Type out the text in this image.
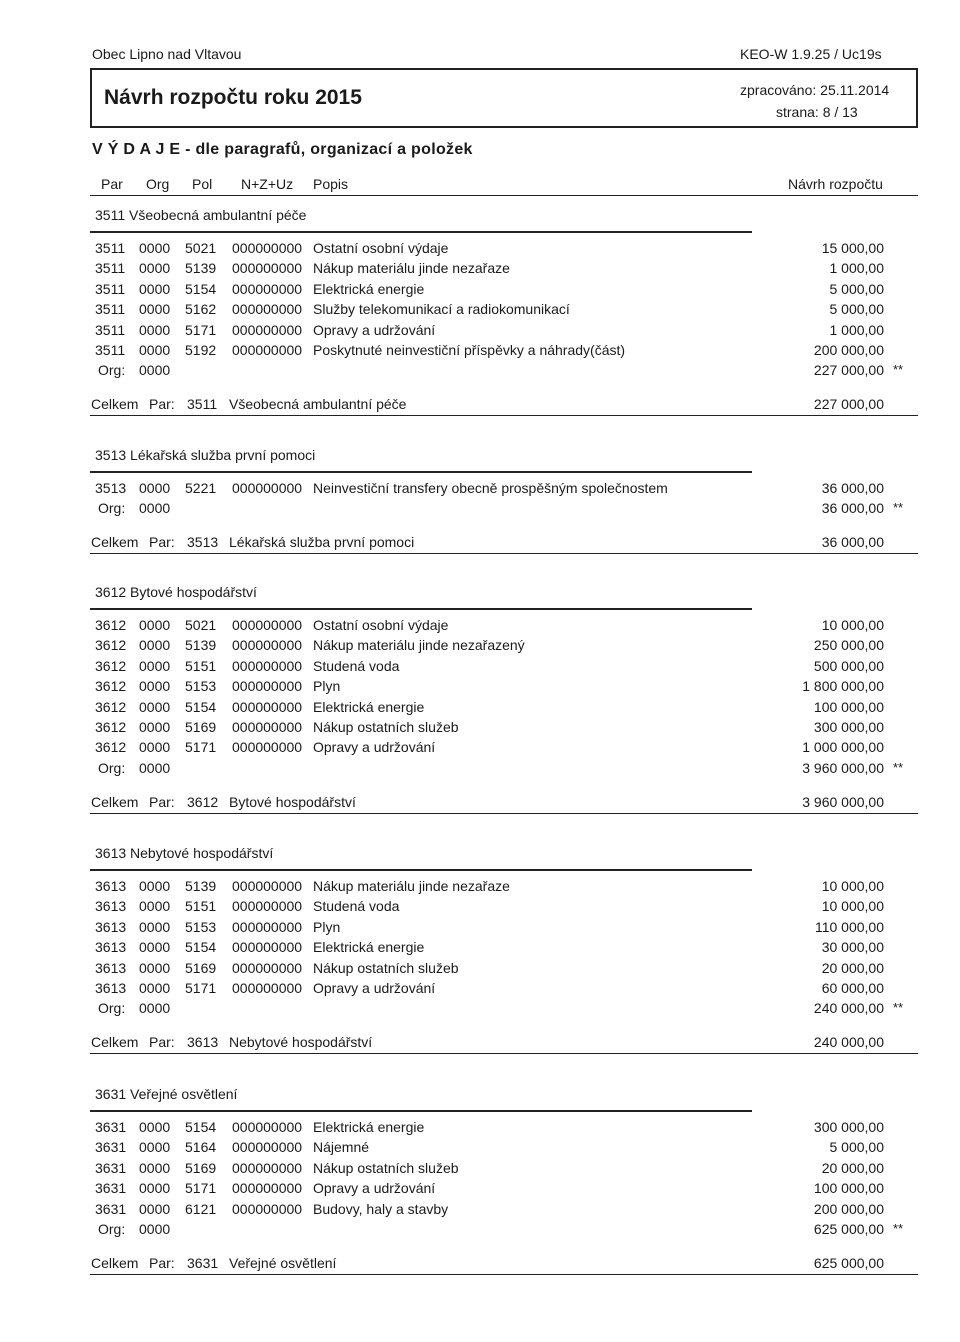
Obec Lipno nad Vltavou	KEO-W 1.9.25 / Uc19s
Návrh rozpočtu roku 2015	zpracováno: 25.11.2014
strana: 8 / 13
V Ý D A J E - dle paragrafů, organizací a položek
Par Org Pol N+Z+Uz Popis	Návrh rozpočtu
3511 Všeobecná ambulantní péče
3511 0000 5021 000000000 Ostatní osobní výdaje	15 000,00
3511 0000 5139 000000000 Nákup materiálu jinde nezařaze	1 000,00
3511 0000 5154 000000000 Elektrická energie	5 000,00
3511 0000 5162 000000000 Služby telekomunikací a radiokomunikací	5 000,00
3511 0000 5171 000000000 Opravy a udržování	1 000,00
3511 0000 5192 000000000 Poskytnuté neinvestiční příspěvky a náhrady(část)	200 000,00
Org: 0000	227 000,00 **
Celkem Par: 3511 Všeobecná ambulantní péče	227 000,00
3513 Lékařská služba první pomoci
3513 0000 5221 000000000 Neinvestiční transfery obecně prospěšným společnostem	36 000,00
Org: 0000	36 000,00 **
Celkem Par: 3513 Lékařská služba první pomoci	36 000,00
3612 Bytové hospodářství
3612 0000 5021 000000000 Ostatní osobní výdaje	10 000,00
3612 0000 5139 000000000 Nákup materiálu jinde nezařazený	250 000,00
3612 0000 5151 000000000 Studená voda	500 000,00
3612 0000 5153 000000000 Plyn	1 800 000,00
3612 0000 5154 000000000 Elektrická energie	100 000,00
3612 0000 5169 000000000 Nákup ostatních služeb	300 000,00
3612 0000 5171 000000000 Opravy a udržování	1 000 000,00
Org: 0000	3 960 000,00 **
Celkem Par: 3612 Bytové hospodářství	3 960 000,00
3613 Nebytové hospodářství
3613 0000 5139 000000000 Nákup materiálu jinde nezařaze	10 000,00
3613 0000 5151 000000000 Studená voda	10 000,00
3613 0000 5153 000000000 Plyn	110 000,00
3613 0000 5154 000000000 Elektrická energie	30 000,00
3613 0000 5169 000000000 Nákup ostatních služeb	20 000,00
3613 0000 5171 000000000 Opravy a udržování	60 000,00
Org: 0000	240 000,00 **
Celkem Par: 3613 Nebytové hospodářství	240 000,00
3631 Veřejné osvětlení
3631 0000 5154 000000000 Elektrická energie	300 000,00
3631 0000 5164 000000000 Nájemné	5 000,00
3631 0000 5169 000000000 Nákup ostatních služeb	20 000,00
3631 0000 5171 000000000 Opravy a udržování	100 000,00
3631 0000 6121 000000000 Budovy, haly a stavby	200 000,00
Org: 0000	625 000,00 **
Celkem Par: 3631 Veřejné osvětlení	625 000,00
